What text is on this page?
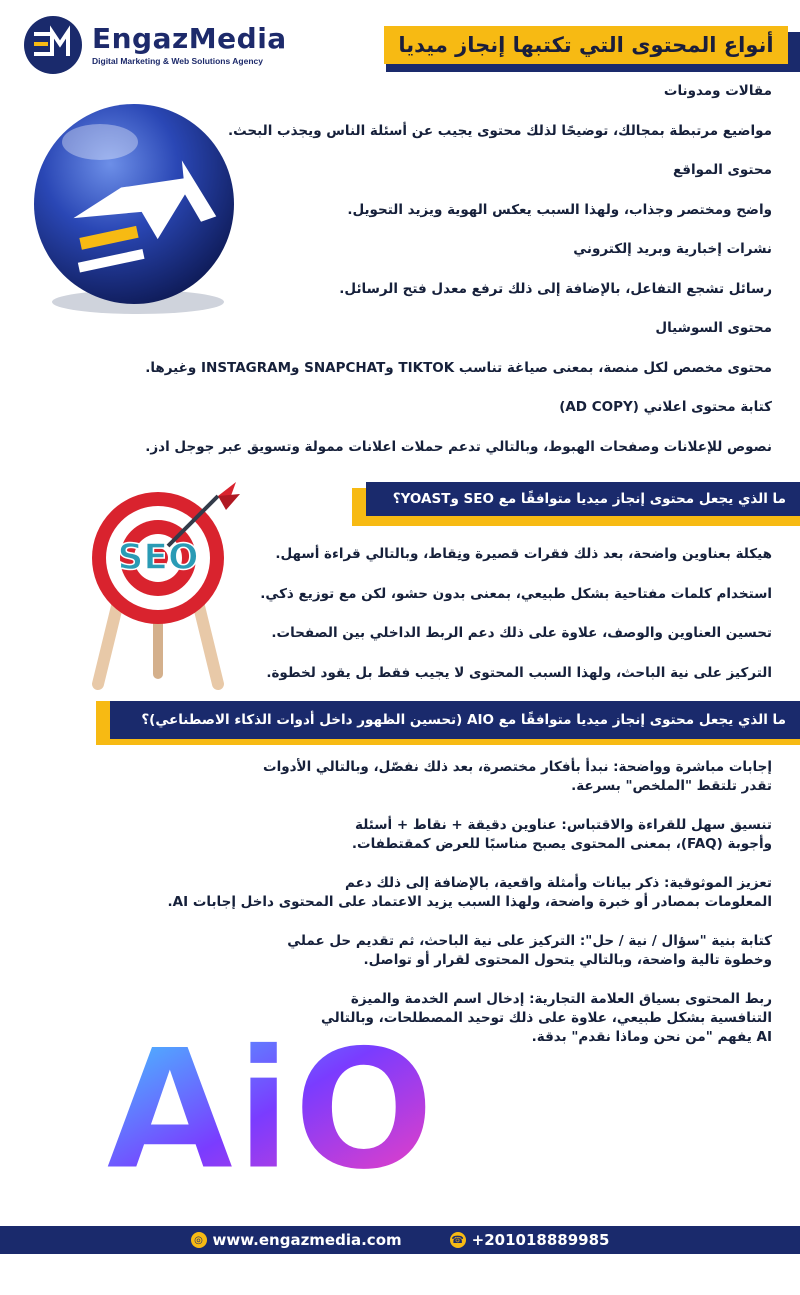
EngazMedia
Digital Marketing & Web Solutions Agency
أنواع المحتوى التي تكتبها إنجاز ميديا
مقالات ومدونات
مواضيع مرتبطة بمجالك، توضيحًا لذلك محتوى يجيب عن أسئلة الناس ويجذب البحث.
محتوى المواقع
واضح ومختصر وجذاب، ولهذا السبب يعكس الهوية ويزيد التحويل.
نشرات إخبارية وبريد إلكتروني
رسائل تشجع التفاعل، بالإضافة إلى ذلك ترفع معدل فتح الرسائل.
محتوى السوشيال
محتوى مخصص لكل منصة، بمعنى صياغة تناسب TIKTOK وSNAPCHAT وINSTAGRAM وغيرها.
كتابة محتوى اعلاني (AD COPY)
نصوص للإعلانات وصفحات الهبوط، وبالتالي تدعم حملات اعلانات ممولة وتسويق عبر جوجل ادز.
ما الذي يجعل محتوى إنجاز ميديا متوافقًا مع SEO وYOAST؟
SEO	هيكلة بعناوين واضحة، بعد ذلك فقرات قصيرة ونِقاط، وبالتالي قراءة أسهل.
استخدام كلمات مفتاحية بشكل طبيعي، بمعنى بدون حشو، لكن مع توزيع ذكي.
تحسين العناوين والوصف، علاوة على ذلك دعم الربط الداخلي بين الصفحات.
التركيز على نية الباحث، ولهذا السبب المحتوى لا يجيب فقط بل يقود لخطوة.
ما الذي يجعل محتوى إنجاز ميديا متوافقًا مع AIO (تحسين الظهور داخل أدوات الذكاء الاصطناعي)؟
إجابات مباشرة وواضحة: نبدأ بأفكار مختصرة، بعد ذلك نفصّل، وبالتالي الأدوات
تقدر تلتقط "الملخص" بسرعة.
تنسيق سهل للقراءة والاقتباس: عناوين دقيقة + نقاط + أسئلة
وأجوبة (FAQ)، بمعنى المحتوى يصبح مناسبًا للعرض كمقتطفات.
تعزيز الموثوقية: ذكر بيانات وأمثلة واقعية، بالإضافة إلى ذلك دعم
المعلومات بمصادر أو خبرة واضحة، ولهذا السبب يزيد الاعتماد على المحتوى داخل إجابات AI.
كتابة بنية "سؤال / نية / حل": التركيز على نية الباحث، ثم تقديم حل عملي
وخطوة تالية واضحة، وبالتالي يتحول المحتوى لقرار أو تواصل.
ربط المحتوى بسياق العلامة التجارية: إدخال اسم الخدمة والميزة
التنافسية بشكل طبيعي، علاوة على ذلك توحيد المصطلحات، وبالتالي
AI يفهم "من نحن وماذا نقدم" بدقة.
AiO
◎ www.engazmedia.com	☎ +201018889985
